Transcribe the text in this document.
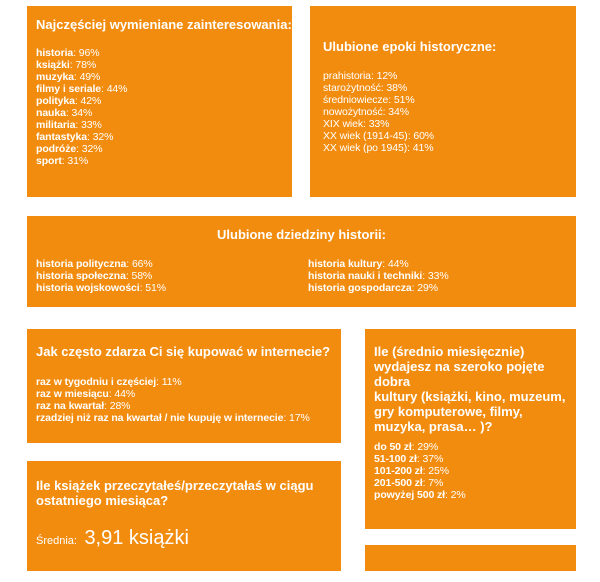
Najczęściej wymieniane zainteresowania:
historia: 96%
książki: 78%
muzyka: 49%
filmy i seriale: 44%
polityka: 42%
nauka: 34%
militaria: 33%
fantastyka: 32%
podróże: 32%
sport: 31%
Ulubione epoki historyczne:
prahistoria: 12%
starożytność: 38%
średniowiecze: 51%
nowożytność: 34%
XIX wiek: 33%
XX wiek (1914-45): 60%
XX wiek (po 1945): 41%
Ulubione dziedziny historii:
historia polityczna: 66%
historia społeczna: 58%
historia wojskowości: 51%
historia kultury: 44%
historia nauki i techniki: 33%
historia gospodarcza: 29%
Jak często zdarza Ci się kupować w internecie?
raz w tygodniu i częściej: 11%
raz w miesiącu: 44%
raz na kwartał: 28%
rzadziej niż raz na kwartał / nie kupuję w internecie: 17%
Ile (średnio miesięcznie)
wydajesz na szeroko pojęte dobra
kultury (książki, kino, muzeum,
gry komputerowe, filmy,
muzyka, prasa… )?
do 50 zł: 29%
51-100 zł: 37%
101-200 zł: 25%
201-500 zł: 7%
powyżej 500 zł: 2%
Ile książek przeczytałeś/przeczytałaś w ciągu
ostatniego miesiąca?
Średnia: 3,91 książki
